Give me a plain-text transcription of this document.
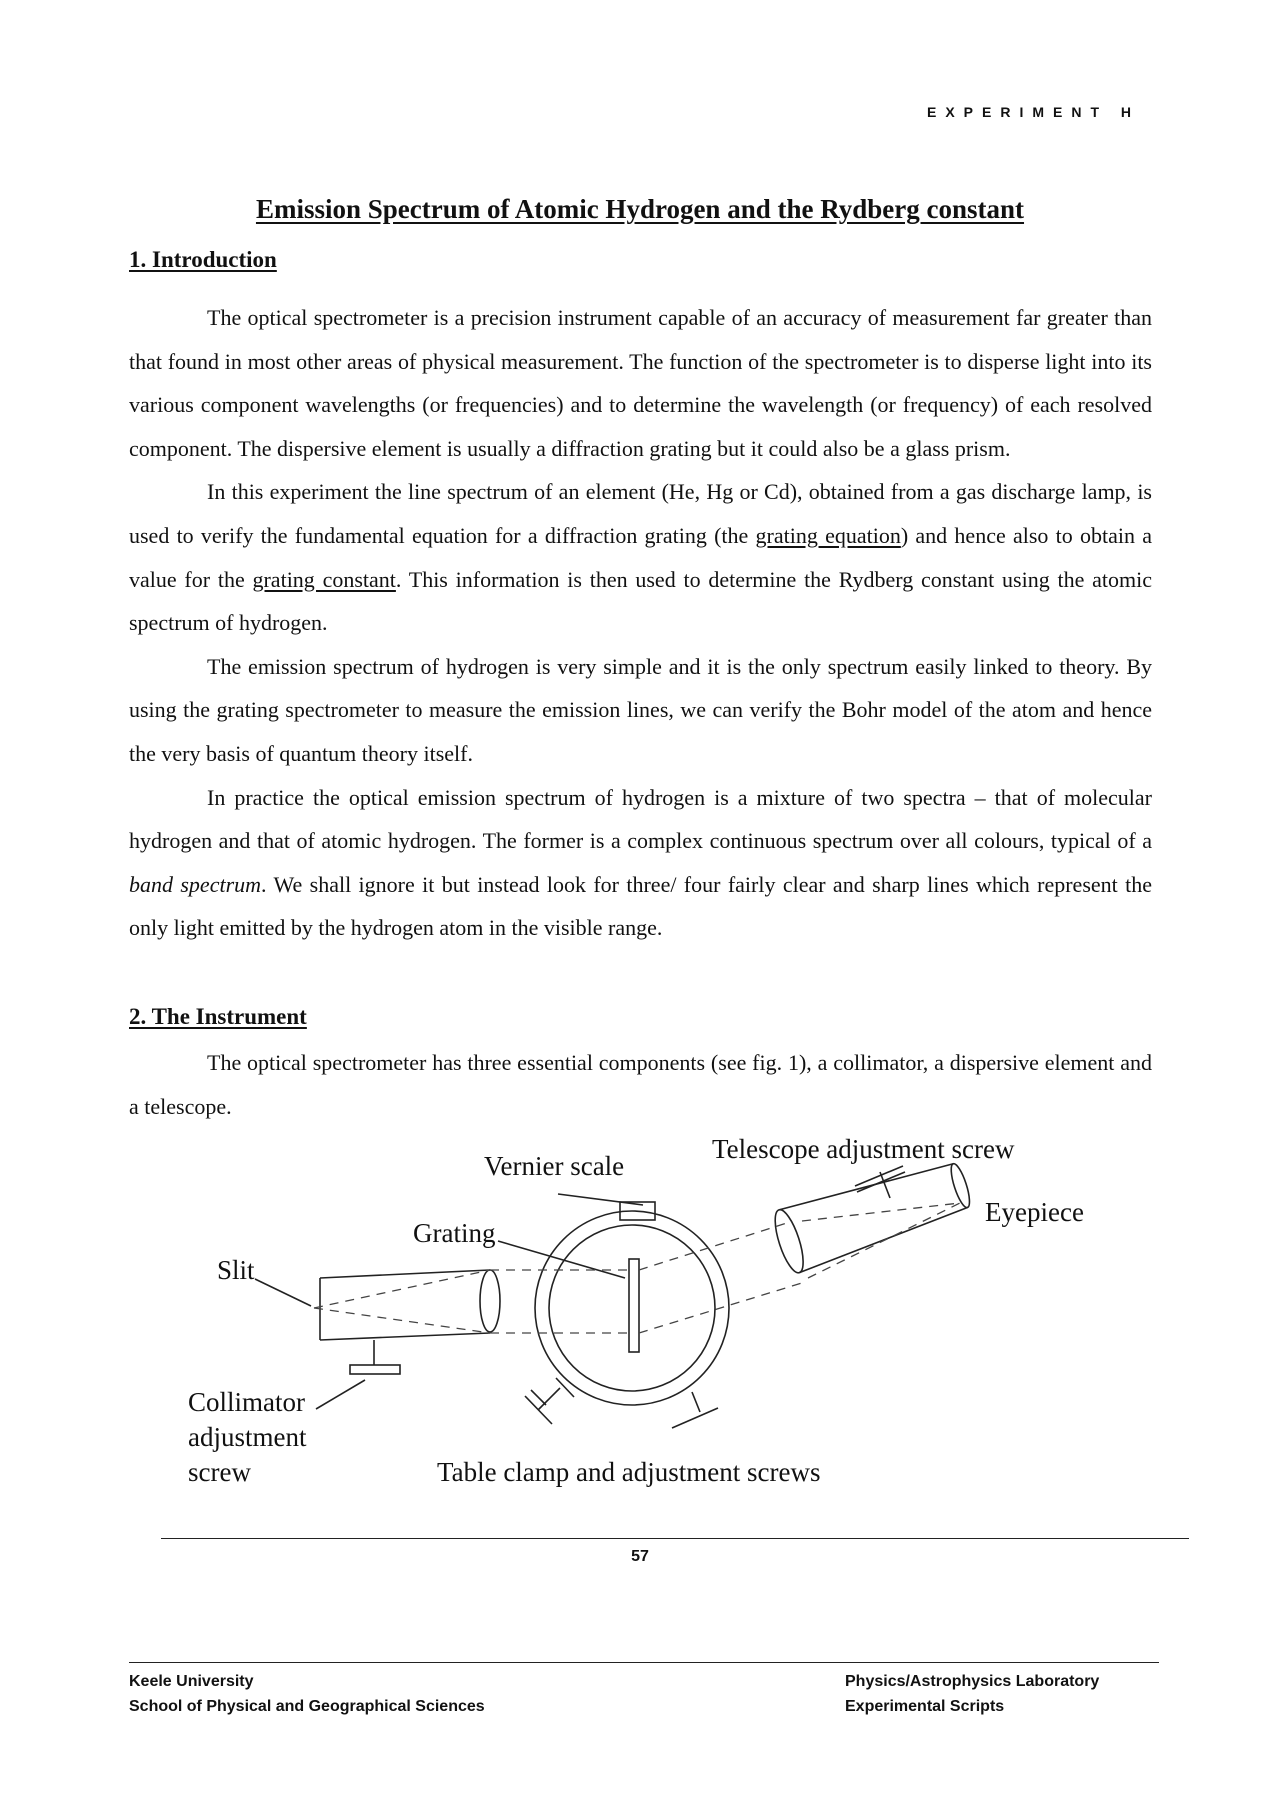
EXPERIMENT H
Emission Spectrum of Atomic Hydrogen and the Rydberg constant
1. Introduction

The optical spectrometer is a precision instrument capable of an accuracy of measurement far greater than that found in most other areas of physical measurement. The function of the spectrometer is to disperse light into its various component wavelengths (or frequencies) and to determine the wavelength (or frequency) of each resolved component. The dispersive element is usually a diffraction grating but it could also be a glass prism.

In this experiment the line spectrum of an element (He, Hg or Cd), obtained from a gas discharge lamp, is used to verify the fundamental equation for a diffraction grating (the grating equation) and hence also to obtain a value for the grating constant. This information is then used to determine the Rydberg constant using the atomic spectrum of hydrogen.

The emission spectrum of hydrogen is very simple and it is the only spectrum easily linked to theory. By using the grating spectrometer to measure the emission lines, we can verify the Bohr model of the atom and hence the very basis of quantum theory itself.

In practice the optical emission spectrum of hydrogen is a mixture of two spectra – that of molecular hydrogen and that of atomic hydrogen. The former is a complex continuous spectrum over all colours, typical of a band spectrum. We shall ignore it but instead look for three/ four fairly clear and sharp lines which represent the only light emitted by the hydrogen atom in the visible range.

2. The Instrument

The optical spectrometer has three essential components (see fig. 1), a collimator, a dispersive element and a telescope.

Vernier scale
Telescope adjustment screw
Eyepiece
Grating
Slit
Collimator
adjustment
screw	Table clamp and adjustment screws
57
Keele University
School of Physical and Geographical Sciences
Physics/Astrophysics Laboratory
Experimental Scripts
